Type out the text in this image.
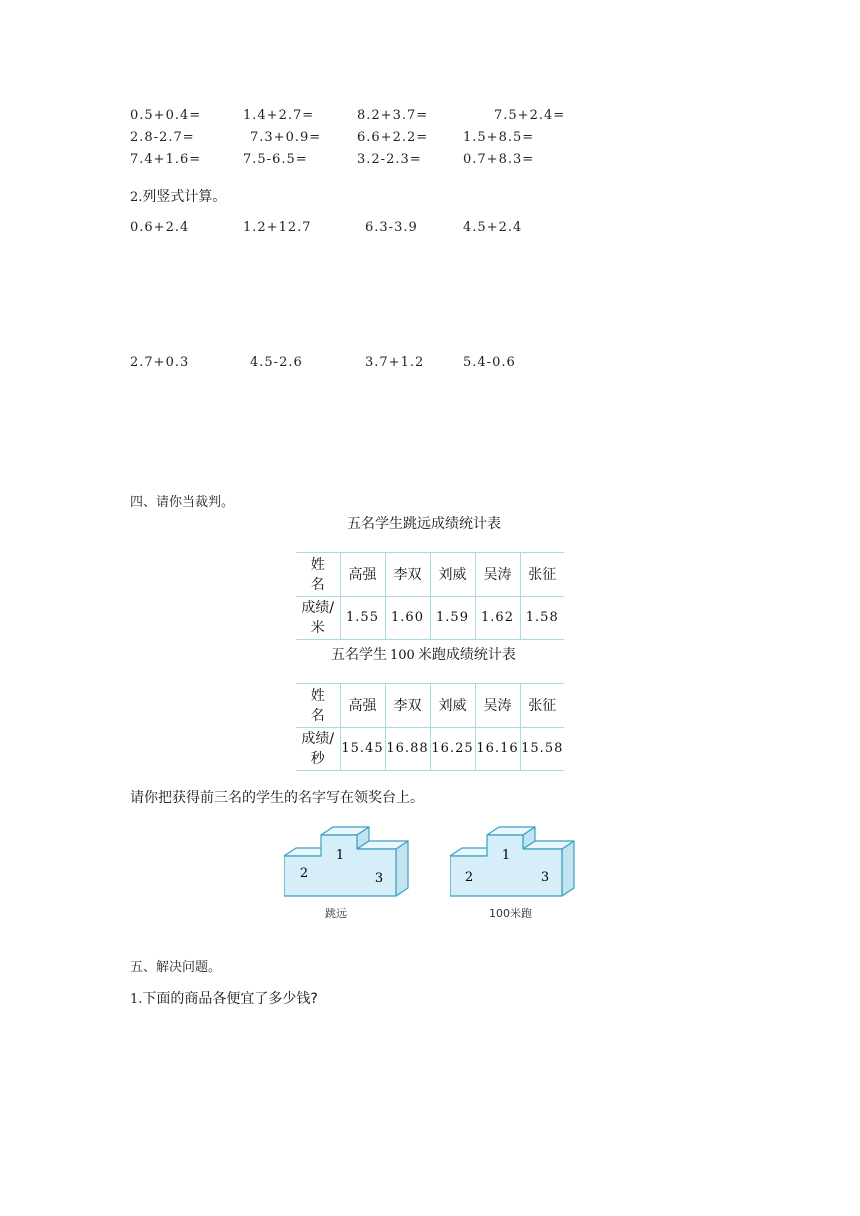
0.5+0.4=	1.4+2.7=	8.2+3.7=	7.5+2.4=
2.8-2.7=	7.3+0.9=	6.6+2.2=	1.5+8.5=
7.4+1.6=	7.5-6.5=	3.2-2.3=	0.7+8.3=
2.列竖式计算。
0.6+2.4	1.2+12.7	6.3-3.9	4.5+2.4
2.7+0.3	4.5-2.6	3.7+1.2	5.4-0.6
四、请你当裁判。
五名学生跳远成绩统计表
姓
名	高强	李双	刘威	吴涛	张征
成绩/
米	1.55	1.60	1.59	1.62	1.58
五名学生 100 米跑成绩统计表
姓
名	高强	李双	刘威	吴涛	张征
成绩/
秒	15.45	16.88	16.25	16.16	15.58
请你把获得前三名的学生的名字写在领奖台上。
1
2	3
跳远
1
2	3
100米跑
五、解决问题。
1.下面的商品各便宜了多少钱?
